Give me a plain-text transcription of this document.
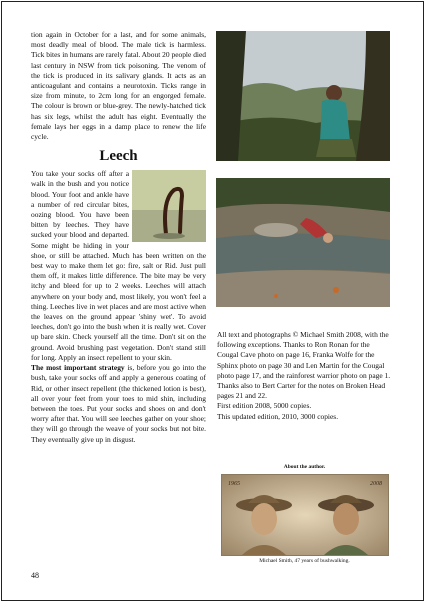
tion again in October for a last, and for some animals, most deadly meal of blood. The male tick is harmless. Tick bites in humans are rarely fatal. About 20 people died last century in NSW from tick poisoning. The venom of the tick is produced in its salivary glands. It acts as an anticoagulant and contains a neurotoxin. Ticks range in size from minute, to 2cm long for an engorged female. The colour is brown or blue-grey. The newly-hatched tick has six legs, whilst the adult has eight. Eventually the female lays her eggs in a damp place to renew the life cycle.

Leech

You take your socks off after a walk in the bush and you notice blood. Your foot and ankle have a number of red circular bites, oozing blood. You have been bitten by leeches. They have sucked your blood and departed. Some might be hiding in your shoe, or still be attached. Much has been written on the best way to make them let go: fire, salt or Rid. Just pull them off, it makes little difference. The bite may be very itchy and bleed for up to 2 weeks. Leeches will attach anywhere on your body and, most likely, you won't feel a thing. Leeches live in wet places and are most active when the leaves on the ground appear 'shiny wet'. To avoid leeches, don't go into the bush when it is really wet. Cover up bare skin. Check yourself all the time. Don't sit on the ground. Avoid brushing past vegetation. Don't stand still for long. Apply an insect repellent to your skin.

The most important strategy is, before you go into the bush, take your socks off and apply a generous coating of Rid, or other insect repellent (the thickened lotion is best), all over your feet from your toes to mid shin, including between the toes. Put your socks and shoes on and don't worry after that. You will see leeches gather on your shoe; they will go through the weave of your socks but not bite. They eventually give up in disgust.

All text and photographs © Michael Smith 2008, with the following exceptions. Thanks to Ron Ronan for the Cougal Cave photo on page 16, Franka Wolfe for the Sphinx photo on page 30 and Len Martin for the Cougal photo page 17, and the rainforest warrior photo on page 1. Thanks also to Bert Carter for the notes on Broken Head pages 21 and 22.

First edition 2008, 5000 copies.

This updated edition, 2010, 3000 copies.

About the author.
1965	2008
Michael Smith, 47 years of bushwalking.
48
